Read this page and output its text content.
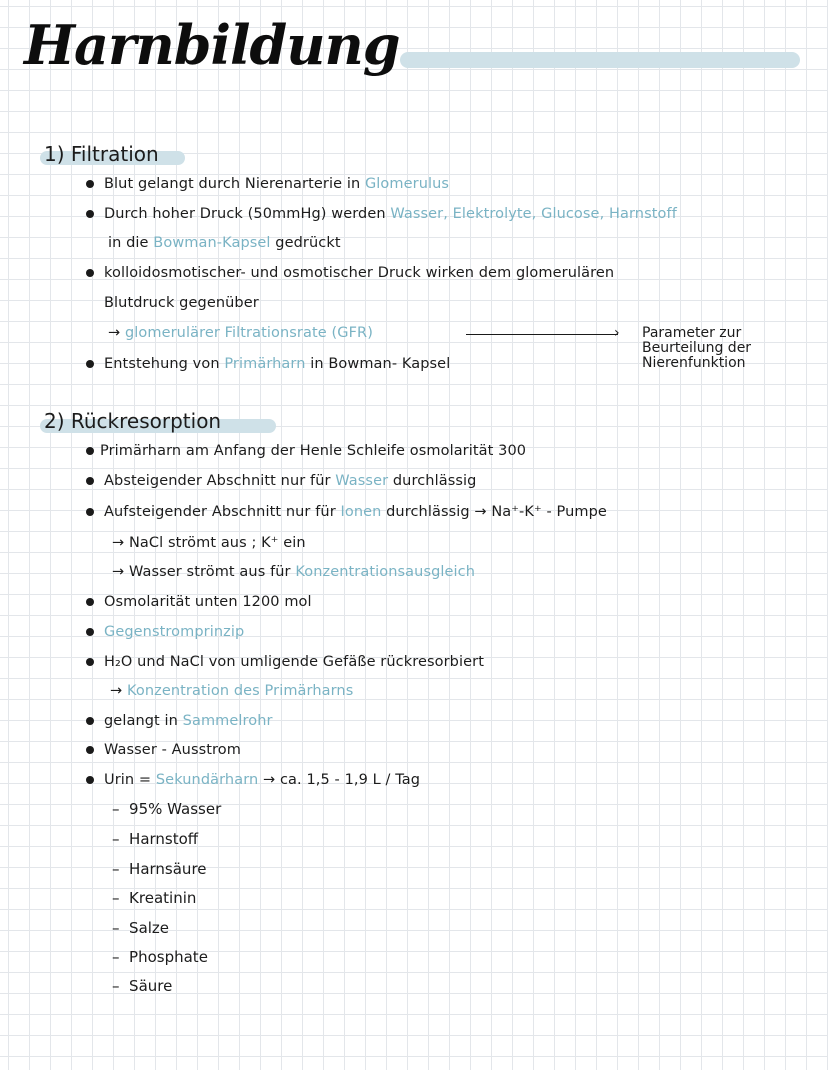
Harnbildung
1) Filtration
Blut gelangt durch Nierenarterie in Glomerulus
Durch hoher Druck (50mmHg) werden Wasser, Elektrolyte, Glucose, Harnstoff
in die Bowman-Kapsel gedrückt
kolloidosmotischer- und osmotischer Druck wirken dem glomerulären
Blutdruck gegenüber
→ glomerulärer Filtrationsrate (GFR)	› Parameter zur
Beurteilung der
Nierenfunktion
Entstehung von Primärharn in Bowman- Kapsel
2) Rückresorption
Primärharn am Anfang der Henle Schleife osmolarität 300
Absteigender Abschnitt nur für Wasser durchlässig
Aufsteigender Abschnitt nur für Ionen durchlässig → Na⁺-K⁺ - Pumpe
→ NaCl strömt aus ; K⁺ ein
→ Wasser strömt aus für Konzentrationsausgleich
Osmolarität unten 1200 mol
Gegenstromprinzip
H₂O und NaCl von umligende Gefäße rückresorbiert
→ Konzentration des Primärharns
gelangt in Sammelrohr
Wasser - Ausstrom
Urin = Sekundärharn → ca. 1,5 - 1,9 L / Tag
–  95% Wasser
–  Harnstoff
–  Harnsäure
–  Kreatinin
–  Salze
–  Phosphate
–  Säure
